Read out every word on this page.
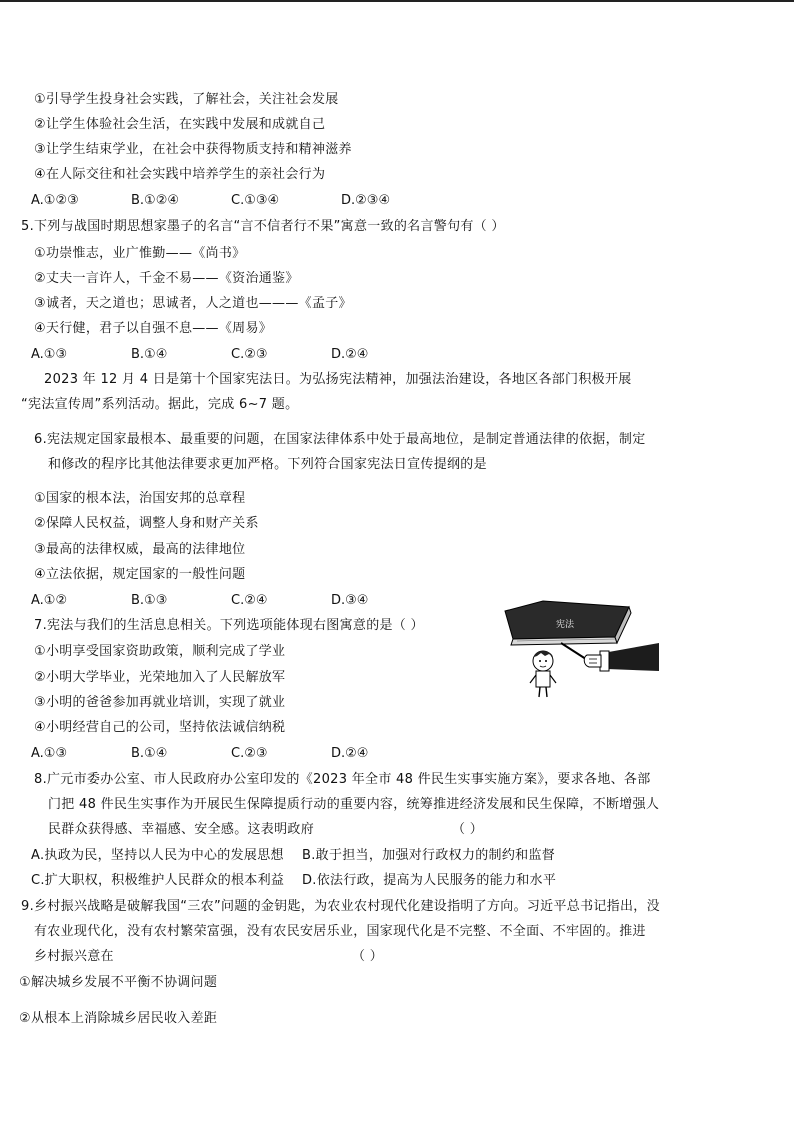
①引导学生投身社会实践，了解社会，关注社会发展
②让学生体验社会生活，在实践中发展和成就自己
③让学生结束学业，在社会中获得物质支持和精神滋养
④在人际交往和社会实践中培养学生的亲社会行为
A.①②③	B.①②④	C.①③④	D.②③④
5.下列与战国时期思想家墨子的名言“言不信者行不果”寓意一致的名言警句有（ ）
①功崇惟志，业广惟勤——《尚书》
②丈夫一言许人，千金不易——《资治通鉴》
③诚者，天之道也；思诚者，人之道也———《孟子》
④天行健，君子以自强不息——《周易》
A.①③	B.①④	C.②③	D.②④
2023 年 12 月 4 日是第十个国家宪法日。为弘扬宪法精神，加强法治建设，各地区各部门积极开展
“宪法宣传周”系列活动。据此，完成 6~7 题。
6.宪法规定国家最根本、最重要的问题，在国家法律体系中处于最高地位，是制定普通法律的依据，制定
和修改的程序比其他法律要求更加严格。下列符合国家宪法日宣传提纲的是
①国家的根本法，治国安邦的总章程
②保障人民权益，调整人身和财产关系
③最高的法律权威，最高的法律地位
④立法依据，规定国家的一般性问题
A.①②	B.①③	C.②④	D.③④
7.宪法与我们的生活息息相关。下列选项能体现右图寓意的是（ ）
①小明享受国家资助政策，顺利完成了学业
②小明大学毕业，光荣地加入了人民解放军
③小明的爸爸参加再就业培训，实现了就业
④小明经营自己的公司，坚持依法诚信纳税
A.①③	B.①④	C.②③	D.②④
宪法
8.广元市委办公室、市人民政府办公室印发的《2023 年全市 48 件民生实事实施方案》，要求各地、各部
门把 48 件民生实事作为开展民生保障提质行动的重要内容，统筹推进经济发展和民生保障，不断增强人
民群众获得感、幸福感、安全感。这表明政府	（ ）
A.执政为民，坚持以人民为中心的发展思想 B.敢于担当，加强对行政权力的制约和监督
C.扩大职权，积极维护人民群众的根本利益 D.依法行政，提高为人民服务的能力和水平
9.乡村振兴战略是破解我国“三农”问题的金钥匙，为农业农村现代化建设指明了方向。习近平总书记指出，没
有农业现代化，没有农村繁荣富强，没有农民安居乐业，国家现代化是不完整、不全面、不牢固的。推进
乡村振兴意在	（ ）
①解决城乡发展不平衡不协调问题
②从根本上消除城乡居民收入差距
